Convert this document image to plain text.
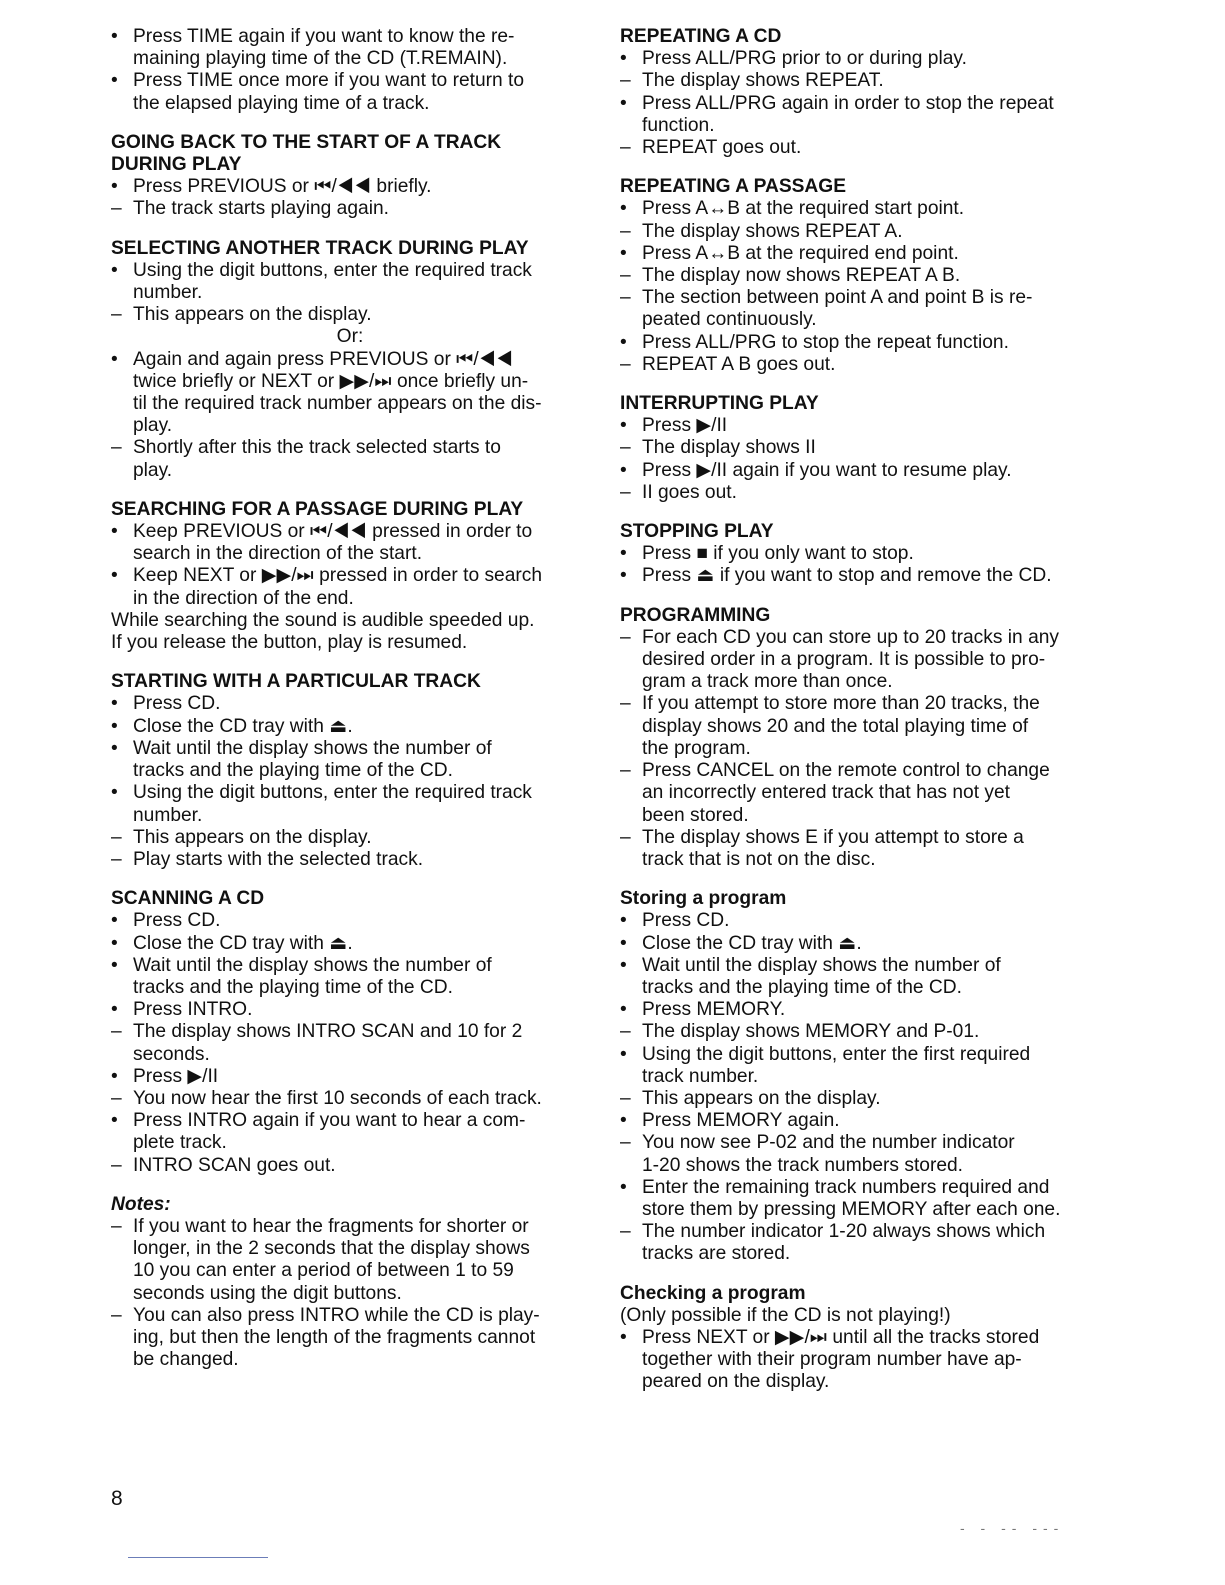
• Press TIME again if you want to know the re-
maining playing time of the CD (T.REMAIN).
• Press TIME once more if you want to return to
the elapsed playing time of a track.
GOING BACK TO THE START OF A TRACK
DURING PLAY
• Press PREVIOUS or ⏮/◀◀ briefly.
– The track starts playing again.
SELECTING ANOTHER TRACK DURING PLAY
• Using the digit buttons, enter the required track
number.
– This appears on the display.
Or:
• Again and again press PREVIOUS or ⏮/◀◀
twice briefly or NEXT or ▶▶/⏭ once briefly un-
til the required track number appears on the dis-
play.
– Shortly after this the track selected starts to
play.
SEARCHING FOR A PASSAGE DURING PLAY
• Keep PREVIOUS or ⏮/◀◀ pressed in order to
search in the direction of the start.
• Keep NEXT or ▶▶/⏭ pressed in order to search
in the direction of the end.
While searching the sound is audible speeded up.
If you release the button, play is resumed.
STARTING WITH A PARTICULAR TRACK
• Press CD.
• Close the CD tray with ⏏.
• Wait until the display shows the number of
tracks and the playing time of the CD.
• Using the digit buttons, enter the required track
number.
– This appears on the display.
– Play starts with the selected track.
SCANNING A CD
• Press CD.
• Close the CD tray with ⏏.
• Wait until the display shows the number of
tracks and the playing time of the CD.
• Press INTRO.
– The display shows INTRO SCAN and 10 for 2
seconds.
• Press ▶/II
– You now hear the first 10 seconds of each track.
• Press INTRO again if you want to hear a com-
plete track.
– INTRO SCAN goes out.
Notes:
– If you want to hear the fragments for shorter or
longer, in the 2 seconds that the display shows
10 you can enter a period of between 1 to 59
seconds using the digit buttons.
– You can also press INTRO while the CD is play-
ing, but then the length of the fragments cannot
be changed.
REPEATING A CD
• Press ALL/PRG prior to or during play.
– The display shows REPEAT.
• Press ALL/PRG again in order to stop the repeat
function.
– REPEAT goes out.
REPEATING A PASSAGE
• Press A↔B at the required start point.
– The display shows REPEAT A.
• Press A↔B at the required end point.
– The display now shows REPEAT A B.
– The section between point A and point B is re-
peated continuously.
• Press ALL/PRG to stop the repeat function.
– REPEAT A B goes out.
INTERRUPTING PLAY
• Press ▶/II
– The display shows II
• Press ▶/II again if you want to resume play.
– II goes out.
STOPPING PLAY
• Press ■ if you only want to stop.
• Press ⏏ if you want to stop and remove the CD.
PROGRAMMING
– For each CD you can store up to 20 tracks in any
desired order in a program. It is possible to pro-
gram a track more than once.
– If you attempt to store more than 20 tracks, the
display shows 20 and the total playing time of
the program.
– Press CANCEL on the remote control to change
an incorrectly entered track that has not yet
been stored.
– The display shows E if you attempt to store a
track that is not on the disc.
Storing a program
• Press CD.
• Close the CD tray with ⏏.
• Wait until the display shows the number of
tracks and the playing time of the CD.
• Press MEMORY.
– The display shows MEMORY and P-01.
• Using the digit buttons, enter the first required
track number.
– This appears on the display.
• Press MEMORY again.
– You now see P-02 and the number indicator
1-20 shows the track numbers stored.
• Enter the remaining track numbers required and
store them by pressing MEMORY after each one.
– The number indicator 1-20 always shows which
tracks are stored.
Checking a program
(Only possible if the CD is not playing!)
• Press NEXT or ▶▶/⏭ until all the tracks stored
together with their program number have ap-
peared on the display.
8
- - -- ---
